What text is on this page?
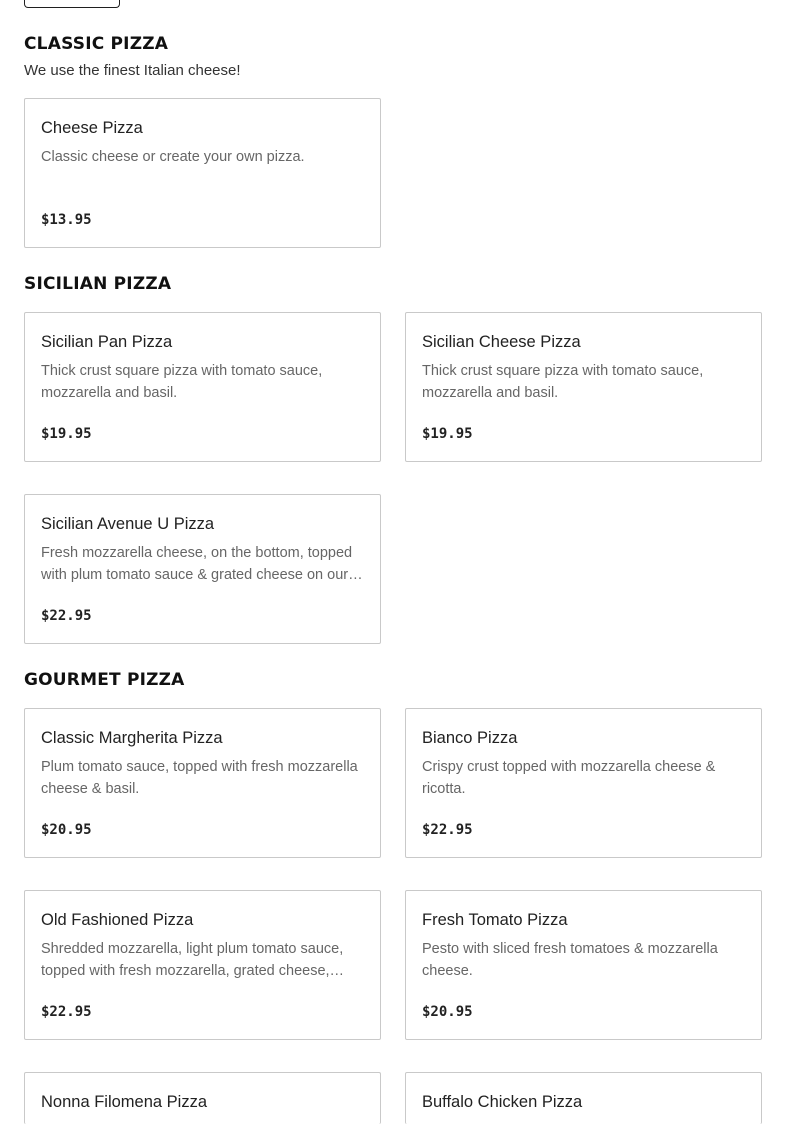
CLASSIC PIZZA
We use the finest Italian cheese!
Cheese Pizza
Classic cheese or create your own pizza.
$13.95
SICILIAN PIZZA
Sicilian Pan Pizza
Thick crust square pizza with tomato sauce, mozzarella and basil.
$19.95
Sicilian Cheese Pizza
Thick crust square pizza with tomato sauce, mozzarella and basil.
$19.95
Sicilian Avenue U Pizza
Fresh mozzarella cheese, on the bottom, topped with plum tomato sauce & grated cheese on our…
$22.95
GOURMET PIZZA
Classic Margherita Pizza
Plum tomato sauce, topped with fresh mozzarella cheese & basil.
$20.95
Bianco Pizza
Crispy crust topped with mozzarella cheese & ricotta.
$22.95
Old Fashioned Pizza
Shredded mozzarella, light plum tomato sauce, topped with fresh mozzarella, grated cheese,…
$22.95
Fresh Tomato Pizza
Pesto with sliced fresh tomatoes & mozzarella cheese.
$20.95
Nonna Filomena Pizza	Buffalo Chicken Pizza
